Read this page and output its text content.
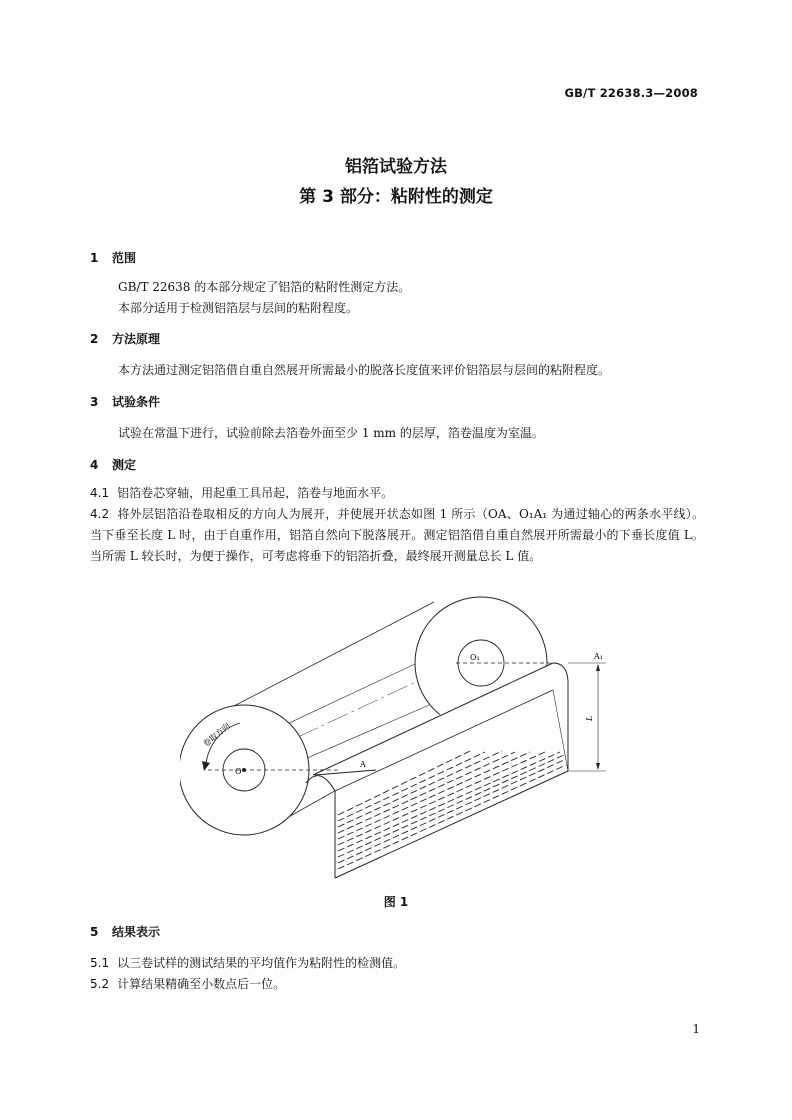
GB/T 22638.3—2008
铝箔试验方法
第 3 部分：粘附性的测定
1 范围
GB/T 22638 的本部分规定了铝箔的粘附性测定方法。
本部分适用于检测铝箔层与层间的粘附程度。
2 方法原理
本方法通过测定铝箔借自重自然展开所需最小的脱落长度值来评价铝箔层与层间的粘附程度。
3 试验条件
试验在常温下进行，试验前除去箔卷外面至少 1 mm 的层厚，箔卷温度为室温。
4 测定
4.1 铝箔卷芯穿轴，用起重工具吊起，箔卷与地面水平。
4.2 将外层铝箔沿卷取相反的方向人为展开，并使展开状态如图 1 所示（OA、O₁A₁ 为通过轴心的两条水平线）。当下垂至长度 L 时，由于自重作用，铝箔自然向下脱落展开。测定铝箔借自重自然展开所需最小的下垂长度值 L。当所需 L 较长时，为便于操作，可考虑将垂下的铝箔折叠，最终展开测量总长 L 值。
O₁
O
A
卷取方向
A₁
L
图 1
5 结果表示
5.1 以三卷试样的测试结果的平均值作为粘附性的检测值。
5.2 计算结果精确至小数点后一位。
1
